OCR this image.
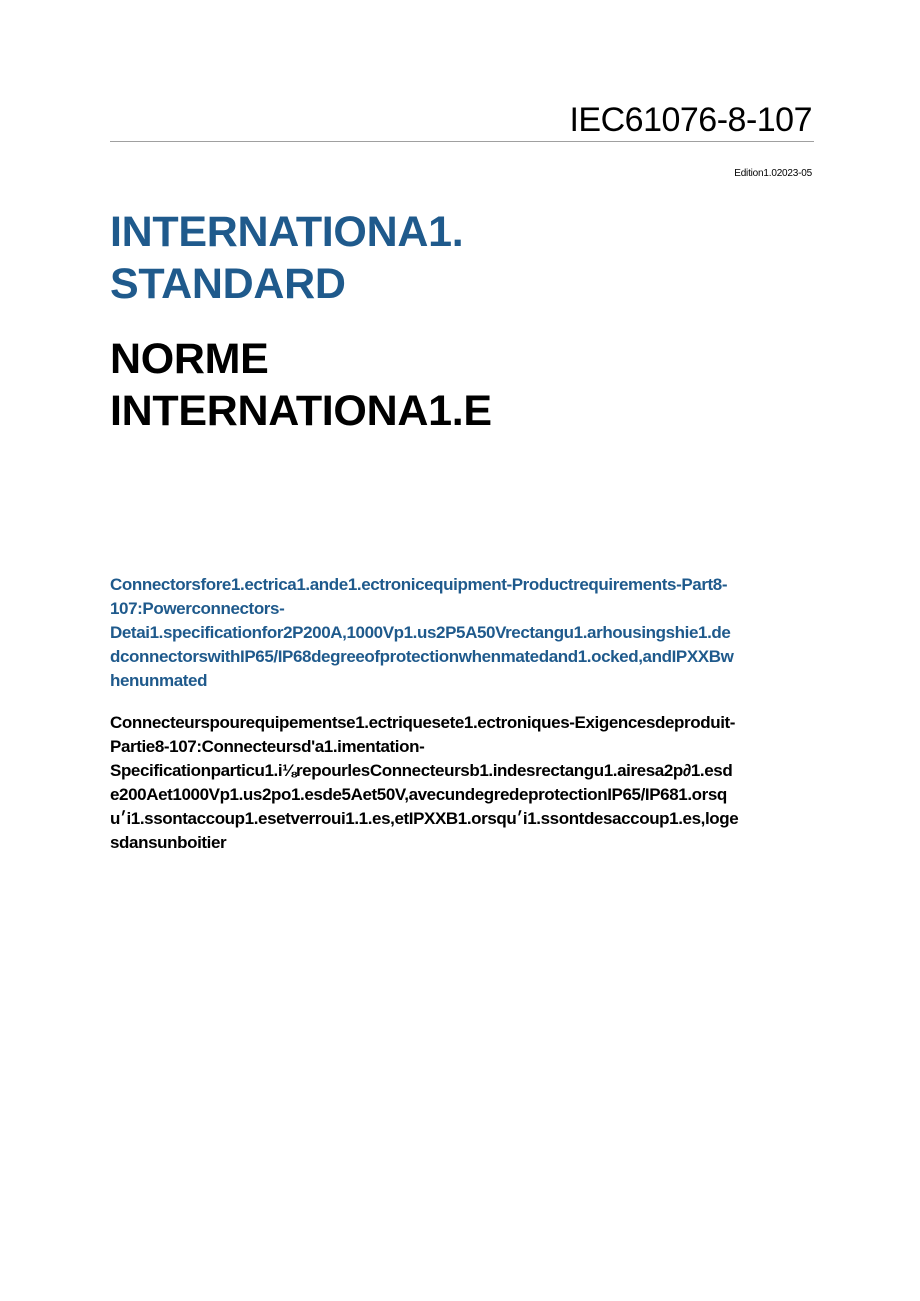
IEC61076-8-107
Edition1.02023-05
INTERNATIONA1.
STANDARD
NORME
INTERNATIONA1.E

Connectorsfore1.ectrica1.ande1.ectronicequipment-Productrequirements-Part8-
107:Powerconnectors-
Detai1.specificationfor2P200A,1000Vp1.us2P5A50Vrectangu1.arhousingshie1.de
dconnectorswithIP65/IP68degreeofprotectionwhenmatedand1.ocked,andIPXXBw
henunmated

Connecteurspourequipementse1.ectriquesete1.ectroniques-Exigencesdeproduit-
Partie8-107:Connecteursd'a1.imentation-
Specificationparticu1.i⅛repourlesConnecteursb1.indesrectangu1.airesa2p∂1.esd
e200Aet1000Vp1.us2po1.esde5Aet50V,avecundegredeprotectionIP65/IP681.orsq
u׳i1.ssontaccoup1.esetverroui1.1.es,etIPXXB1.orsqu׳i1.ssontdesaccoup1.es,loge
sdansunboitier
